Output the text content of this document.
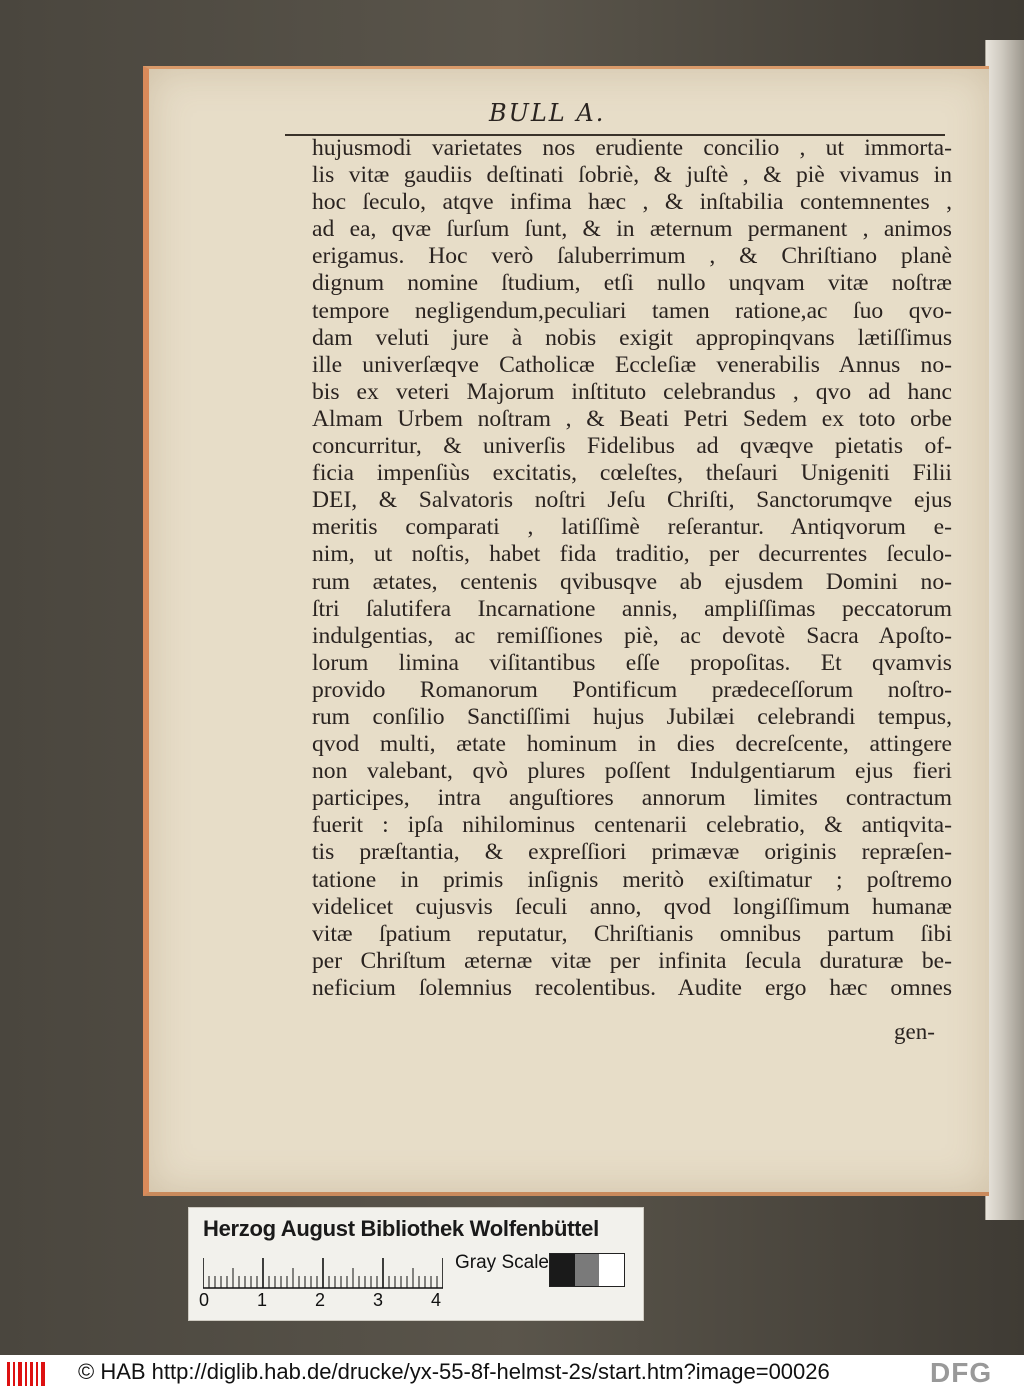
BULL A.
hujusmodi varietates nos erudiente concilio , ut immorta-
lis vitæ gaudiis deſtinati ſobriè, & juſtè , & piè vivamus in
hoc ſeculo, atqve infima hæc , & inſtabilia contemnentes ,
ad ea, qvæ ſurſum ſunt, & in æternum permanent , animos
erigamus. Hoc verò ſaluberrimum , & Chriſtiano planè
dignum nomine ſtudium, etſi nullo unqvam vitæ noſtræ
tempore negligendum,peculiari tamen ratione,ac ſuo qvo-
dam veluti jure à nobis exigit appropinqvans lætiſſimus
ille univerſæqve Catholicæ Eccleſiæ venerabilis Annus no-
bis ex veteri Majorum inſtituto celebrandus , qvo ad hanc
Almam Urbem noſtram , & Beati Petri Sedem ex toto orbe
concurritur, & univerſis Fidelibus ad qvæqve pietatis of-
ficia impenſiùs excitatis, cœleſtes, theſauri Unigeniti Filii
DEI, & Salvatoris noſtri Jeſu Chriſti, Sanctorumqve ejus
meritis comparati , latiſſimè reſerantur. Antiqvorum e-
nim, ut noſtis, habet fida traditio, per decurrentes ſeculo-
rum ætates, centenis qvibusqve ab ejusdem Domini no-
ſtri ſalutifera Incarnatione annis, ampliſſimas peccatorum
indulgentias, ac remiſſiones piè, ac devotè Sacra Apoſto-
lorum limina viſitantibus eſſe propoſitas. Et qvamvis
provido Romanorum Pontificum prædeceſſorum noſtro-
rum conſilio Sanctiſſimi hujus Jubilæi celebrandi tempus,
qvod multi, ætate hominum in dies decreſcente, attingere
non valebant, qvò plures poſſent Indulgentiarum ejus fieri
participes, intra anguſtiores annorum limites contractum
fuerit : ipſa nihilominus centenarii celebratio, & antiqvita-
tis præſtantia, & expreſſiori primævæ originis repræſen-
tatione in primis inſignis meritò exiſtimatur ; poſtremo
videlicet cujusvis ſeculi anno, qvod longiſſimum humanæ
vitæ ſpatium reputatur, Chriſtianis omnibus partum ſibi
per Chriſtum æternæ vitæ per infinita ſecula duraturæ be-
neficium ſolemnius recolentibus. Audite ergo hæc omnes
gen-
Herzog August Bibliothek Wolfenbüttel
0	1	2	3	4
Gray Scale
© HAB http://diglib.hab.de/drucke/yx-55-8f-helmst-2s/start.htm?image=00026	DFG
